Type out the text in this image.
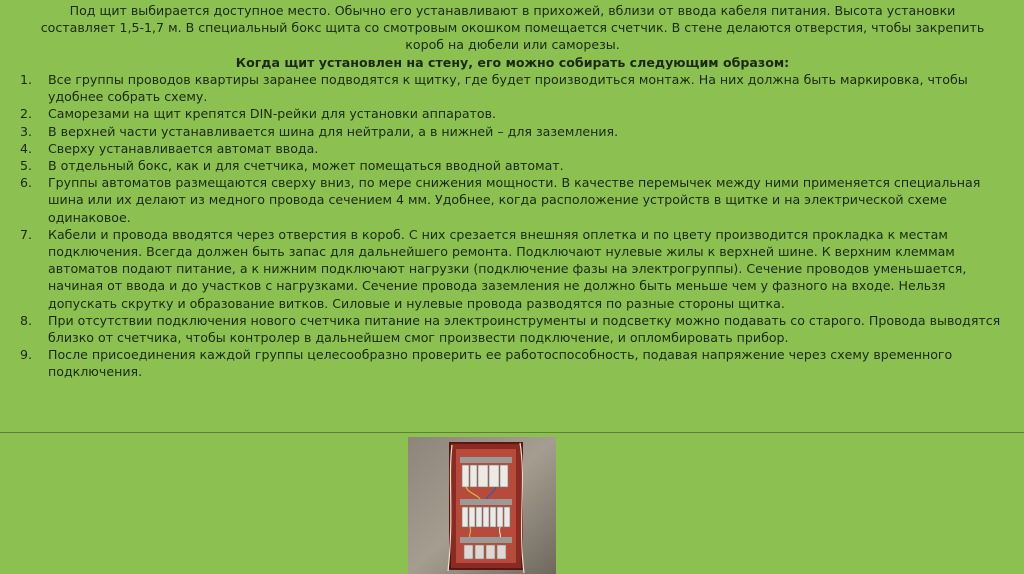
Под щит выбирается доступное место. Обычно его устанавливают в прихожей, вблизи от ввода кабеля питания. Высота установки составляет 1,5-1,7 м. В специальный бокс щита со смотровым окошком помещается счетчик. В стене делаются отверстия, чтобы закрепить короб на дюбели или саморезы.
Когда щит установлен на стену, его можно собирать следующим образом:
1. Все группы проводов квартиры заранее подводятся к щитку, где будет производиться монтаж. На них должна быть маркировка, чтобы удобнее собрать схему.
2. Саморезами на щит крепятся DIN-рейки для установки аппаратов.
3. В верхней части устанавливается шина для нейтрали, а в нижней – для заземления.
4. Сверху устанавливается автомат ввода.
5. В отдельный бокс, как и для счетчика, может помещаться вводной автомат.
6. Группы автоматов размещаются сверху вниз, по мере снижения мощности. В качестве перемычек между ними применяется специальная шина или их делают из медного провода сечением 4 мм. Удобнее, когда расположение устройств в щитке и на электрической схеме одинаковое.
7. Кабели и провода вводятся через отверстия в короб. С них срезается внешняя оплетка и по цвету производится прокладка к местам подключения. Всегда должен быть запас для дальнейшего ремонта. Подключают нулевые жилы к верхней шине. К верхним клеммам автоматов подают питание, а к нижним подключают нагрузки (подключение фазы на электрогруппы). Сечение проводов уменьшается, начиная от ввода и до участков с нагрузками. Сечение провода заземления не должно быть меньше чем у фазного на входе. Нельзя допускать скрутку и образование витков. Силовые и нулевые провода разводятся по разные стороны щитка.
8. При отсутствии подключения нового счетчика питание на электроинструменты и подсветку можно подавать со старого. Провода выводятся близко от счетчика, чтобы контролер в дальнейшем смог произвести подключение, и опломбировать прибор.
9. После присоединения каждой группы целесообразно проверить ее работоспособность, подавая напряжение через схему временного подключения.
